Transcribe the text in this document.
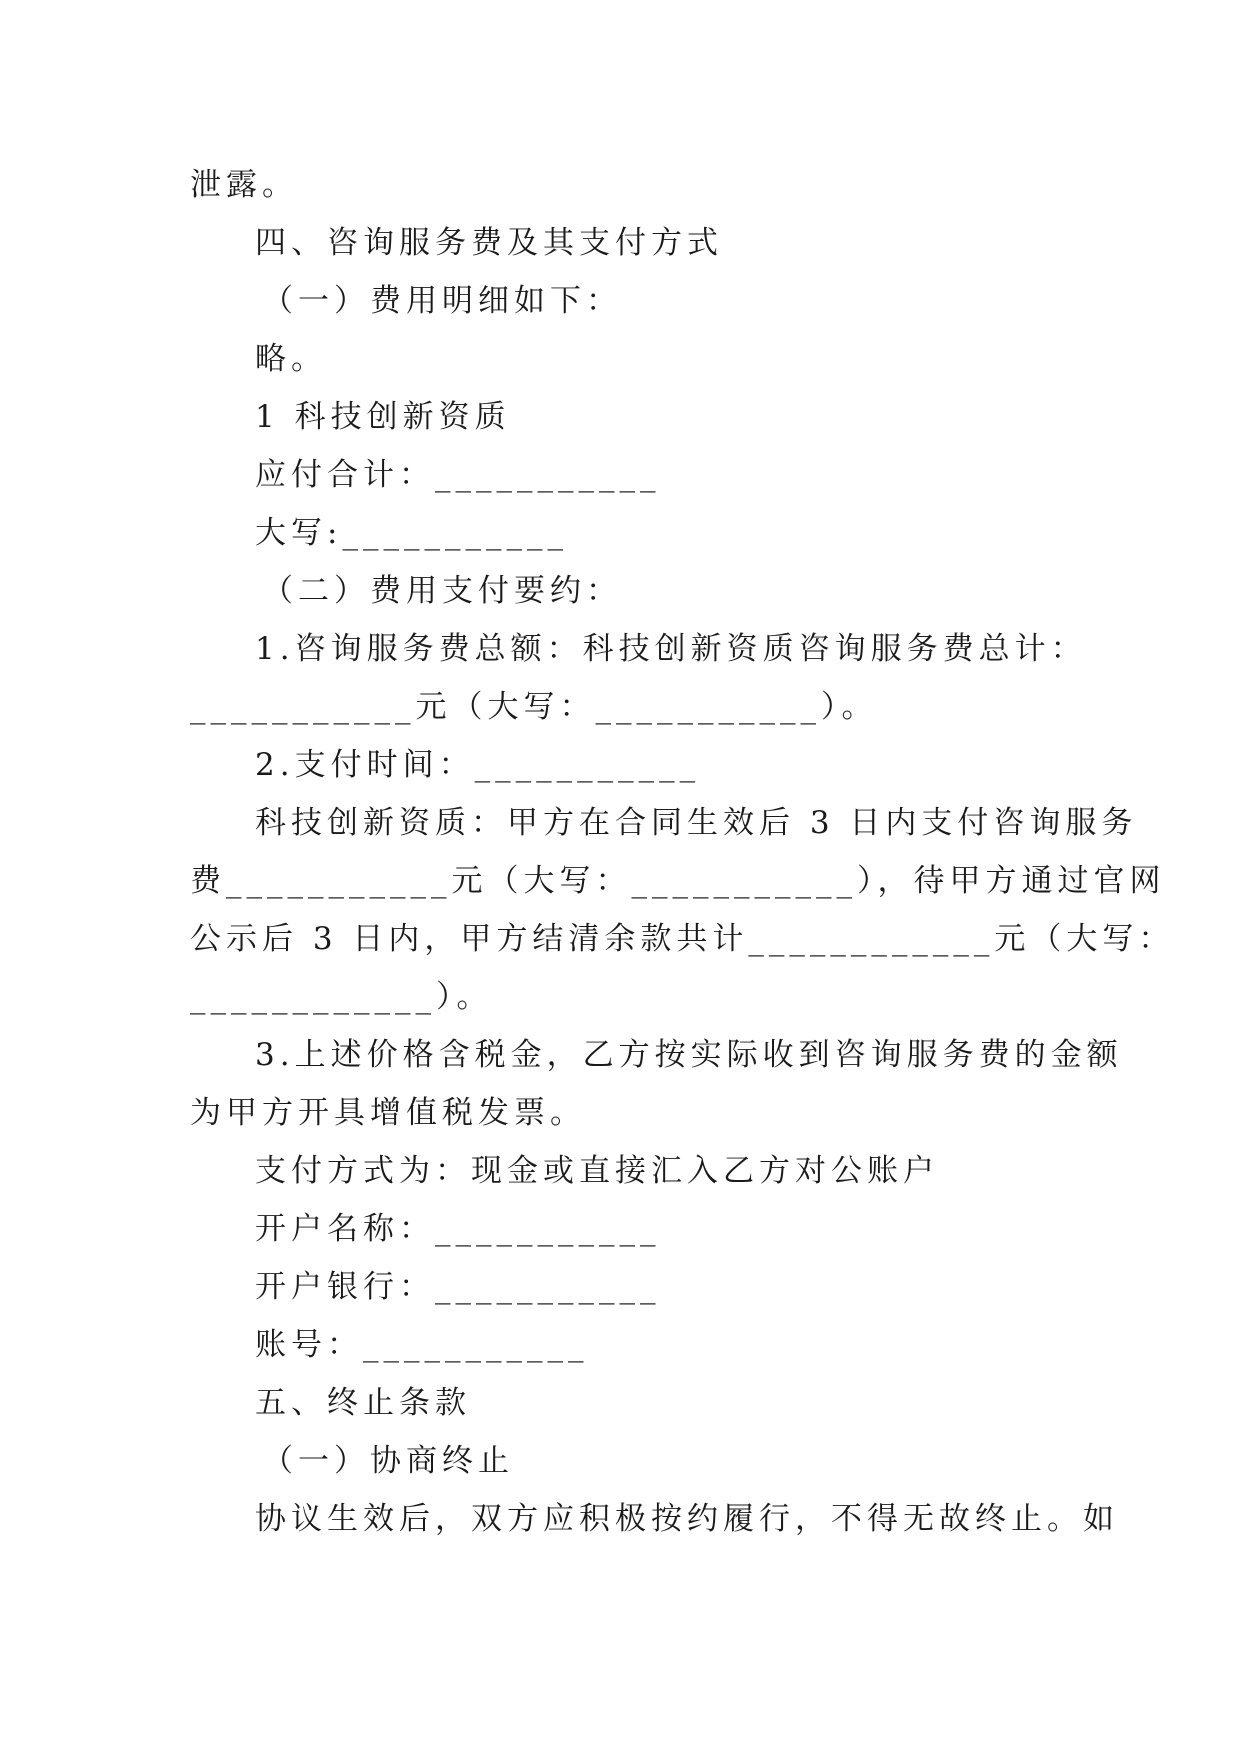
泄露。
四、咨询服务费及其支付方式
（一）费用明细如下：
略。
1 科技创新资质
应付合计：___________
大写:___________
（二）费用支付要约：
1.咨询服务费总额：科技创新资质咨询服务费总计：
___________元（大写：___________）。
2.支付时间：___________
科技创新资质：甲方在合同生效后 3 日内支付咨询服务
费___________元（大写：___________），待甲方通过官网
公示后 3 日内，甲方结清余款共计____________元（大写：
____________）。
3.上述价格含税金，乙方按实际收到咨询服务费的金额
为甲方开具增值税发票。
支付方式为：现金或直接汇入乙方对公账户
开户名称：___________
开户银行：___________
账号：___________
五、终止条款
（一）协商终止
协议生效后，双方应积极按约履行，不得无故终止。如
